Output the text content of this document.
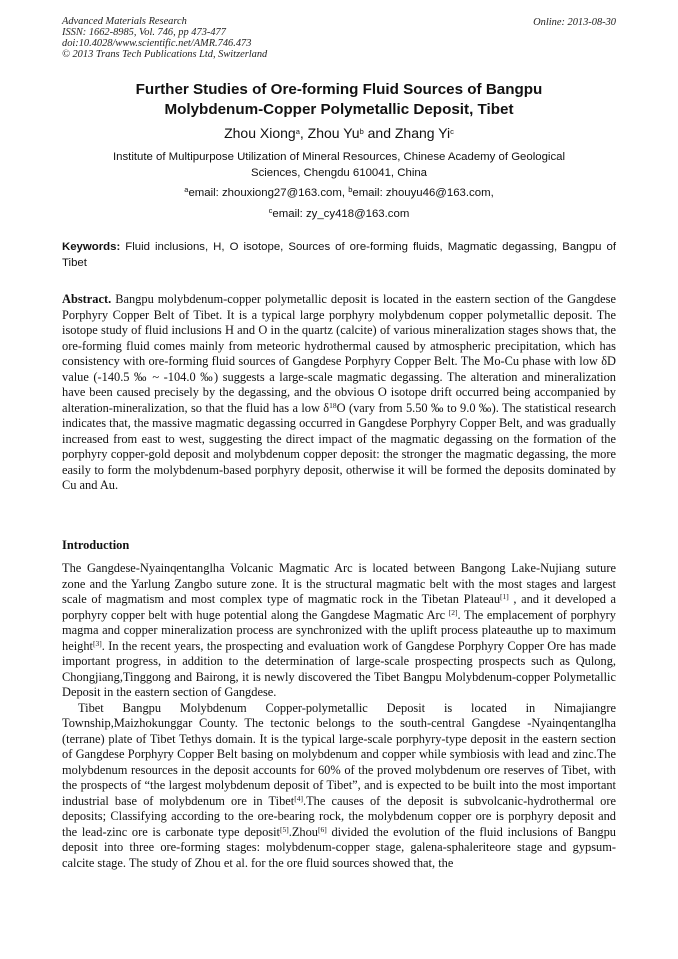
Advanced Materials Research
ISSN: 1662-8985, Vol. 746, pp 473-477
doi:10.4028/www.scientific.net/AMR.746.473
© 2013 Trans Tech Publications Ltd, Switzerland
Online: 2013-08-30
Further Studies of Ore-forming Fluid Sources of Bangpu
Molybdenum-Copper Polymetallic Deposit, Tibet
Zhou Xiong$^a$, Zhou Yu$^b$ and Zhang Yi$^c$
Institute of Multipurpose Utilization of Mineral Resources, Chinese Academy of Geological
Sciences, Chengdu 610041, China
$^a$email: zhouxiong27@163.com, $^b$email: zhouyu46@163.com,
$^c$email: zy_cy418@163.com
Keywords: Fluid inclusions, H, O isotope, Sources of ore-forming fluids, Magmatic degassing, Bangpu of Tibet

Abstract. Bangpu molybdenum-copper polymetallic deposit is located in the eastern section of the Gangdese Porphyry Copper Belt of Tibet. It is a typical large porphyry molybdenum copper polymetallic deposit. The isotope study of fluid inclusions H and O in the quartz (calcite) of various mineralization stages shows that, the ore-forming fluid comes mainly from meteoric hydrothermal caused by atmospheric precipitation, which has consistency with ore-forming fluid sources of Gangdese Porphyry Copper Belt. The Mo-Cu phase with low δD value (-140.5 ‰ ~ -104.0 ‰) suggests a large-scale magmatic degassing. The alteration and mineralization have been caused precisely by the degassing, and the obvious O isotope drift occurred being accompanied by alteration-mineralization, so that the fluid has a low $\delta^{18}O$ (vary from 5.50 ‰ to 9.0 ‰). The statistical research indicates that, the massive magmatic degassing occurred in Gangdese Porphyry Copper Belt, and was gradually increased from east to west, suggesting the direct impact of the magmatic degassing on the formation of the porphyry copper-gold deposit and molybdenum copper deposit: the stronger the magmatic degassing, the more easily to form the molybdenum-based porphyry deposit, otherwise it will be formed the deposits dominated by Cu and Au.

Introduction

The Gangdese-Nyainqentanglha Volcanic Magmatic Arc is located between Bangong Lake-Nujiang suture zone and the Yarlung Zangbo suture zone. It is the structural magmatic belt with the most stages and largest scale of magmatism and most complex type of magmatic rock in the Tibetan Plateau[1] , and it developed a porphyry copper belt with huge potential along the Gangdese Magmatic Arc [2]. The emplacement of porphyry magma and copper mineralization process are synchronized with the uplift process plateauthe up to maximum height[3]. In the recent years, the prospecting and evaluation work of Gangdese Porphyry Copper Ore has made important progress, in addition to the determination of large-scale prospecting prospects such as Qulong, Chongjiang,Tinggong and Bairong, it is newly discovered the Tibet Bangpu Molybdenum-copper Polymetallic Deposit in the eastern section of Gangdese.

Tibet Bangpu Molybdenum Copper-polymetallic Deposit is located in Nimajiangre Township,Maizhokunggar County. The tectonic belongs to the south-central Gangdese -Nyainqentanglha (terrane) plate of Tibet Tethys domain. It is the typical large-scale porphyry-type deposit in the eastern section of Gangdese Porphyry Copper Belt basing on molybdenum and copper while symbiosis with lead and zinc.The molybdenum resources in the deposit accounts for 60% of the proved molybdenum ore reserves of Tibet, with the prospects of “the largest molybdenum deposit of Tibet”, and is expected to be built into the most important industrial base of molybdenum ore in Tibet[4].The causes of the deposit is subvolcanic-hydrothermal ore deposits; Classifying according to the ore-bearing rock, the molybdenum copper ore is porphyry deposit and the lead-zinc ore is carbonate type deposit[5].Zhou[6] divided the evolution of the fluid inclusions of Bangpu deposit into three ore-forming stages: molybdenum-copper stage, galena-sphaleriteore stage and gypsum-calcite stage. The study of Zhou et al. for the ore fluid sources showed that, the
